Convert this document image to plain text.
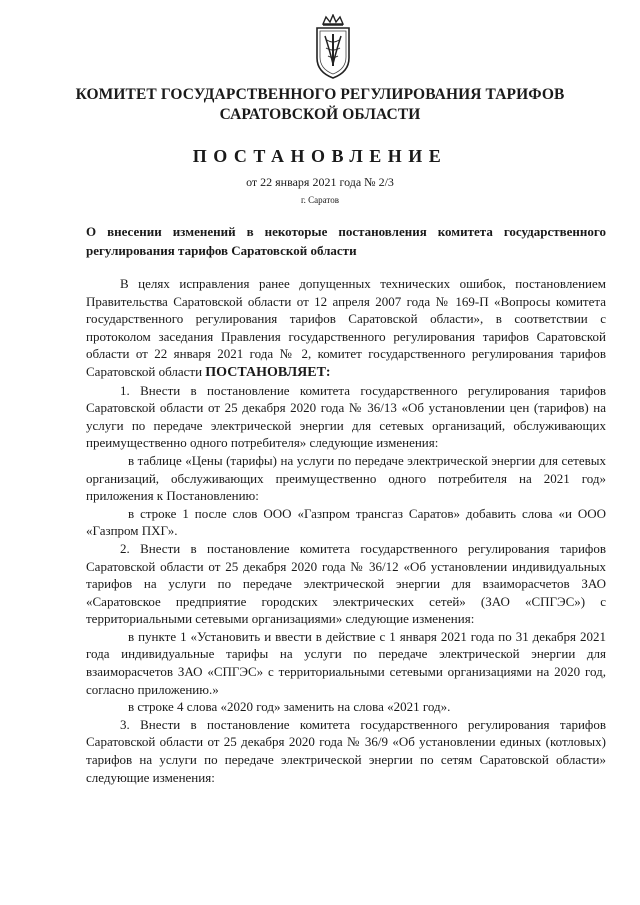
КОМИТЕТ ГОСУДАРСТВЕННОГО РЕГУЛИРОВАНИЯ ТАРИФОВ
САРАТОВСКОЙ ОБЛАСТИ
ПОСТАНОВЛЕНИЕ
от 22 января 2021 года № 2/3
г. Саратов
О внесении изменений в некоторые постановления комитета государственного регулирования тарифов Саратовской области

В целях исправления ранее допущенных технических ошибок, постановлением Правительства Саратовской области от 12 апреля 2007 года № 169-П «Вопросы комитета государственного регулирования тарифов Саратовской области», в соответствии с протоколом заседания Правления государственного регулирования тарифов Саратовской области от 22 января 2021 года № 2, комитет государственного регулирования тарифов Саратовской области ПОСТАНОВЛЯЕТ:

1. Внести в постановление комитета государственного регулирования тарифов Саратовской области от 25 декабря 2020 года № 36/13 «Об установлении цен (тарифов) на услуги по передаче электрической энергии для сетевых организаций, обслуживающих преимущественно одного потребителя» следующие изменения:

в таблице «Цены (тарифы) на услуги по передаче электрической энергии для сетевых организаций, обслуживающих преимущественно одного потребителя на 2021 год» приложения к Постановлению:

в строке 1 после слов ООО «Газпром трансгаз Саратов» добавить слова «и ООО «Газпром ПХГ».

2. Внести в постановление комитета государственного регулирования тарифов Саратовской области от 25 декабря 2020 года № 36/12 «Об установлении индивидуальных тарифов на услуги по передаче электрической энергии для взаиморасчетов ЗАО «Саратовское предприятие городских электрических сетей» (ЗАО «СПГЭС») с территориальными сетевыми организациями» следующие изменения:

в пункте 1 «Установить и ввести в действие с 1 января 2021 года по 31 декабря 2021 года индивидуальные тарифы на услуги по передаче электрической энергии для взаиморасчетов ЗАО «СПГЭС» с территориальными сетевыми организациями на 2020 год, согласно приложению.»

в строке 4 слова «2020 год» заменить на слова «2021 год».

3. Внести в постановление комитета государственного регулирования тарифов Саратовской области от 25 декабря 2020 года № 36/9 «Об установлении единых (котловых) тарифов на услуги по передаче электрической энергии по сетям Саратовской области» следующие изменения:
